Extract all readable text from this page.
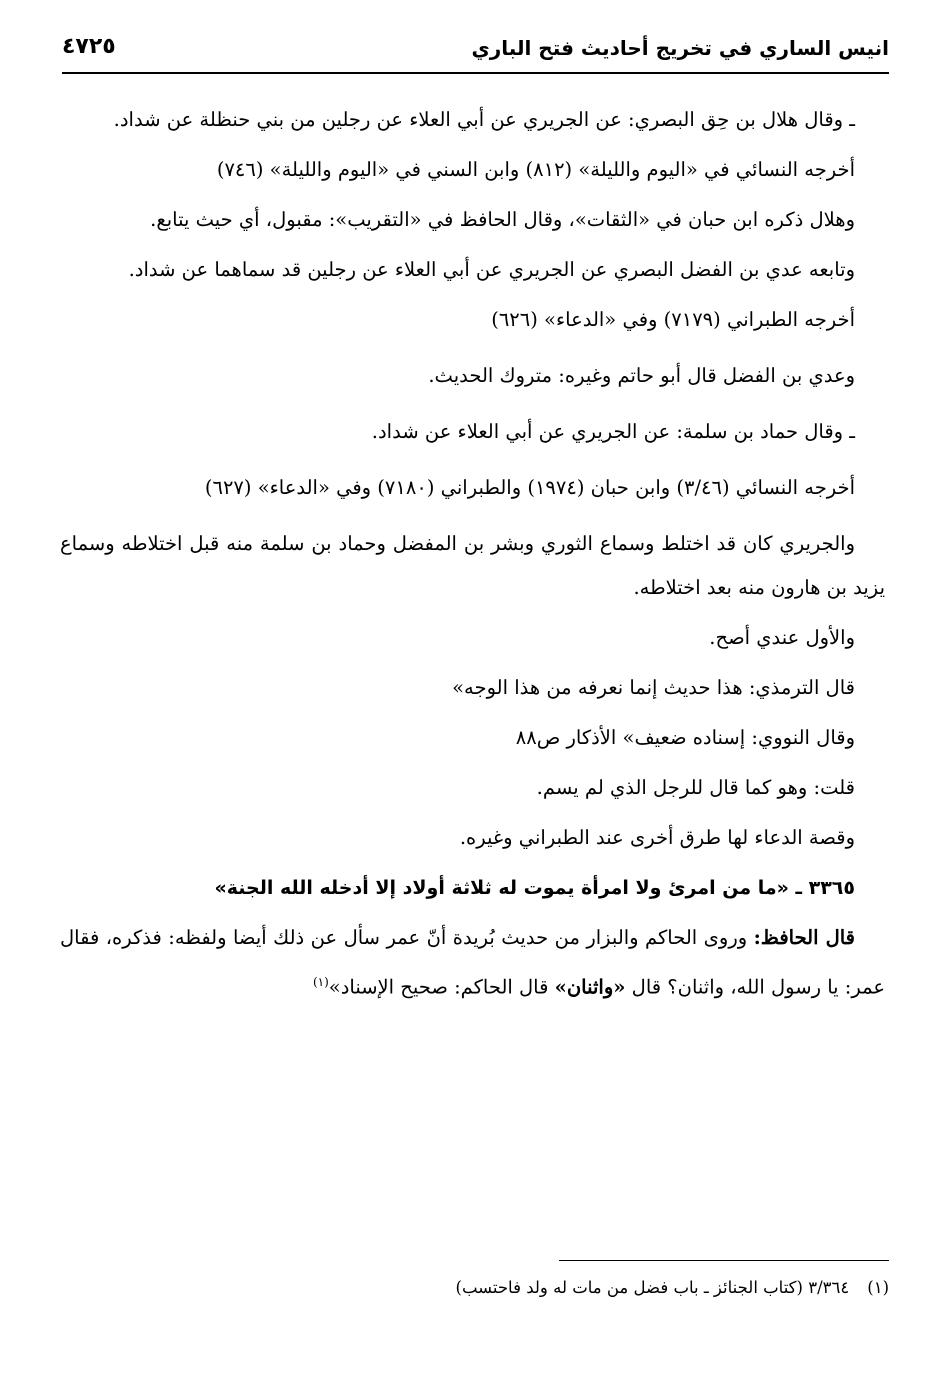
انيس الساري في تخريج أحاديث فتح الباري
٤٧٢٥

ـ وقال هلال بن حِق البصري: عن الجريري عن أبي العلاء عن رجلين من بني حنظلة عن شداد.

أخرجه النسائي في «اليوم والليلة» (٨١٢) وابن السني في «اليوم والليلة» (٧٤٦)

وهلال ذكره ابن حبان في «الثقات»، وقال الحافظ في «التقريب»: مقبول، أي حيث يتابع.

وتابعه عدي بن الفضل البصري عن الجريري عن أبي العلاء عن رجلين قد سماهما عن شداد.

أخرجه الطبراني (٧١٧٩) وفي «الدعاء» (٦٢٦)

وعدي بن الفضل قال أبو حاتم وغيره: متروك الحديث.

ـ وقال حماد بن سلمة: عن الجريري عن أبي العلاء عن شداد.

أخرجه النسائي (٣/٤٦) وابن حبان (١٩٧٤) والطبراني (٧١٨٠) وفي «الدعاء» (٦٢٧)

والجريري كان قد اختلط وسماع الثوري وبشر بن المفضل وحماد بن سلمة منه قبل اختلاطه وسماع يزيد بن هارون منه بعد اختلاطه.

والأول عندي أصح.

قال الترمذي: هذا حديث إنما نعرفه من هذا الوجه»

وقال النووي: إسناده ضعيف» الأذكار ص٨٨

قلت: وهو كما قال للرجل الذي لم يسم.

وقصة الدعاء لها طرق أخرى عند الطبراني وغيره.

٣٣٦٥ ـ «ما من امرئ ولا امرأة يموت له ثلاثة أولاد إلا أدخله الله الجنة»

قال الحافظ: وروى الحاكم والبزار من حديث بُريدة أنّ عمر سأل عن ذلك أيضا ولفظه: فذكره، فقال عمر: يا رسول الله، واثنان؟ قال «واثنان» قال الحاكم: صحيح الإسناد»$^{(١)}$

(١)٣/٣٦٤ (كتاب الجنائز ـ باب فضل من مات له ولد فاحتسب)
